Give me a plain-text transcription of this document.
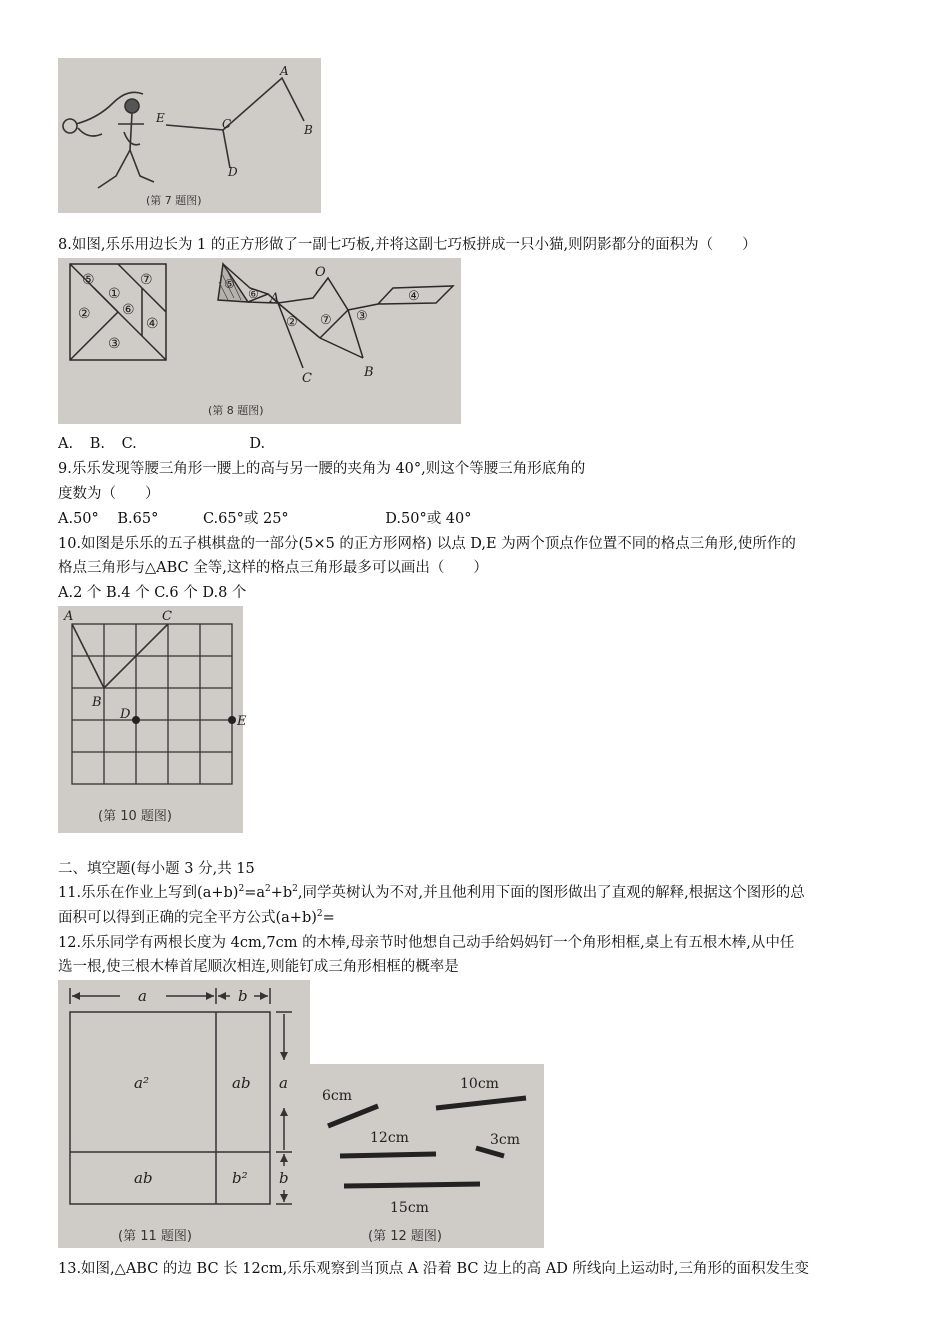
A
B
C
D
E
(第 7 题图)
8.如图,乐乐用边长为 1 的正方形做了一副七巧板,并将这副七巧板拼成一只小猫,则阴影都分的面积为（　　）
⑤
①
⑦
② ⑥
④
③
O
A
C	B
⑤
⑥
② ⑦ ③
④
(第 8 题图)
A. B. C.	D.
9.乐乐发现等腰三角形一腰上的高与另一腰的夹角为 40°,则这个等腰三角形底角的
度数为（　　）
A.50° B.65°	C.65°或 25°	D.50°或 40°
10.如图是乐乐的五子棋棋盘的一部分(5×5 的正方形网格) 以点 D,E 为两个顶点作位置不同的格点三角形,使所作的
格点三角形与△ABC 全等,这样的格点三角形最多可以画出（　　）
A.2 个 B.4 个 C.6 个 D.8 个
A	C
B
D	E
(第 10 题图)
二、填空题(每小题 3 分,共 15
11.乐乐在作业上写到$(a+b)^2=a^2+b^2$,同学英树认为不对,并且他利用下面的图形做出了直观的解释,根据这个图形的总
面积可以得到正确的完全平方公式$(a+b)^2=$
12.乐乐同学有两根长度为 4cm,7cm 的木棒,母亲节时他想自己动手给妈妈钉一个角形相框,桌上有五根木棒,从中任
选一根,使三根木棒首尾顺次相连,则能钉成三角形相框的概率是
a	b
a
b
a²	ab
ab	b²
(第 11 题图)
6cm
10cm
12cm	3cm
15cm
(第 12 题图)
13.如图,△ABC 的边 BC 长 12cm,乐乐观察到当顶点 A 沿着 BC 边上的高 AD 所线向上运动时,三角形的面积发生变
